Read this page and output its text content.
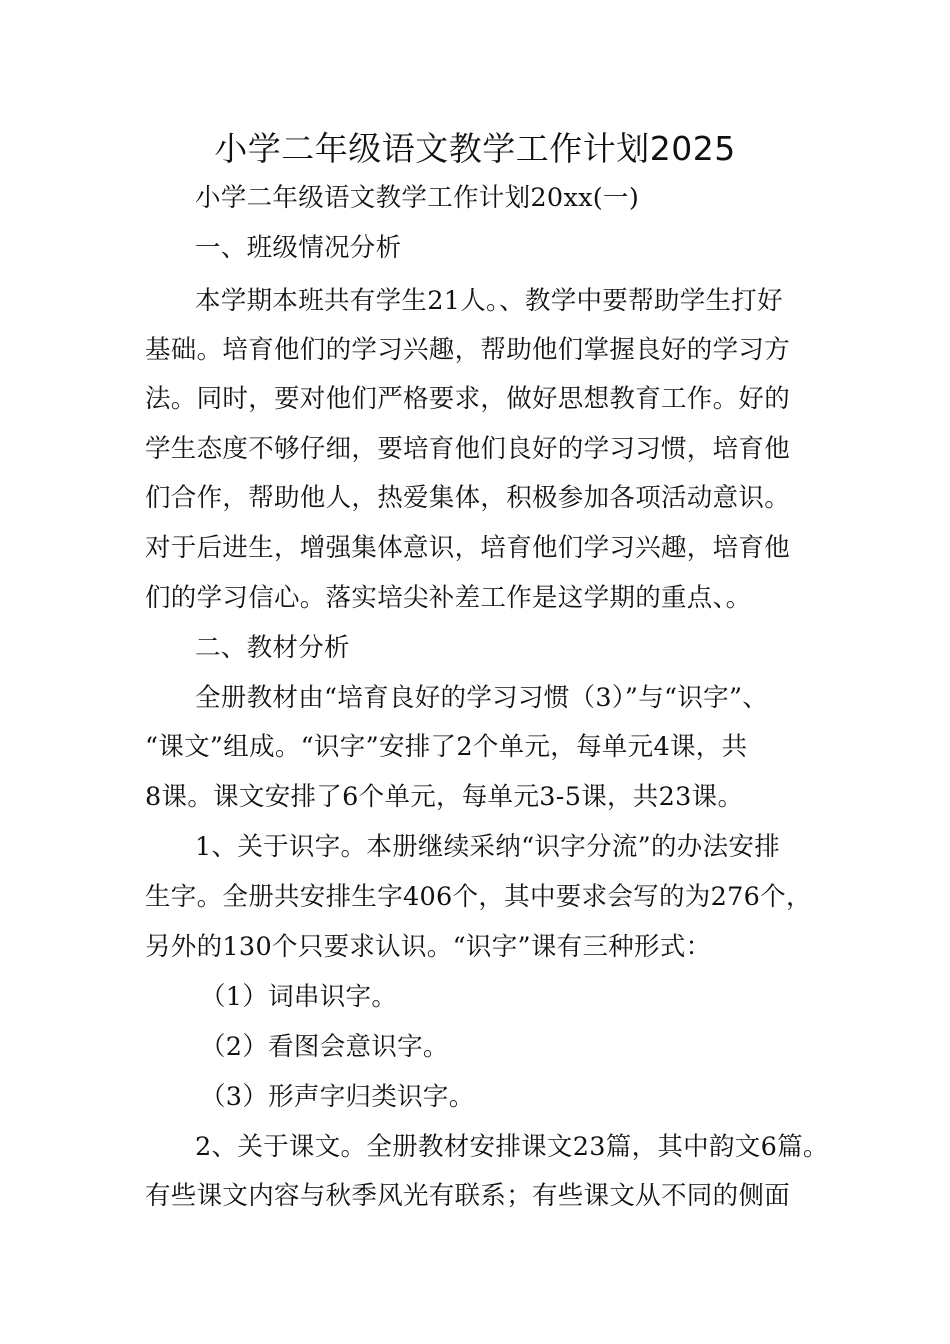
小学二年级语文教学工作计划2025
小学二年级语文教学工作计划20xx(一)
一、班级情况分析
本学期本班共有学生21人。、教学中要帮助学生打好
基础。培育他们的学习兴趣，帮助他们掌握良好的学习方
法。同时，要对他们严格要求，做好思想教育工作。好的
学生态度不够仔细，要培育他们良好的学习习惯，培育他
们合作，帮助他人，热爱集体，积极参加各项活动意识。
对于后进生，增强集体意识，培育他们学习兴趣，培育他
们的学习信心。落实培尖补差工作是这学期的重点、。
二、教材分析
全册教材由“培育良好的学习习惯（3）”与“识字”、
“课文”组成。“识字”安排了2个单元，每单元4课，共
8课。课文安排了6个单元，每单元3-5课，共23课。
1、关于识字。本册继续采纳“识字分流”的办法安排
生字。全册共安排生字406个，其中要求会写的为276个，
另外的130个只要求认识。“识字”课有三种形式：
（1）词串识字。
（2）看图会意识字。
（3）形声字归类识字。
2、关于课文。全册教材安排课文23篇，其中韵文6篇。
有些课文内容与秋季风光有联系；有些课文从不同的侧面
